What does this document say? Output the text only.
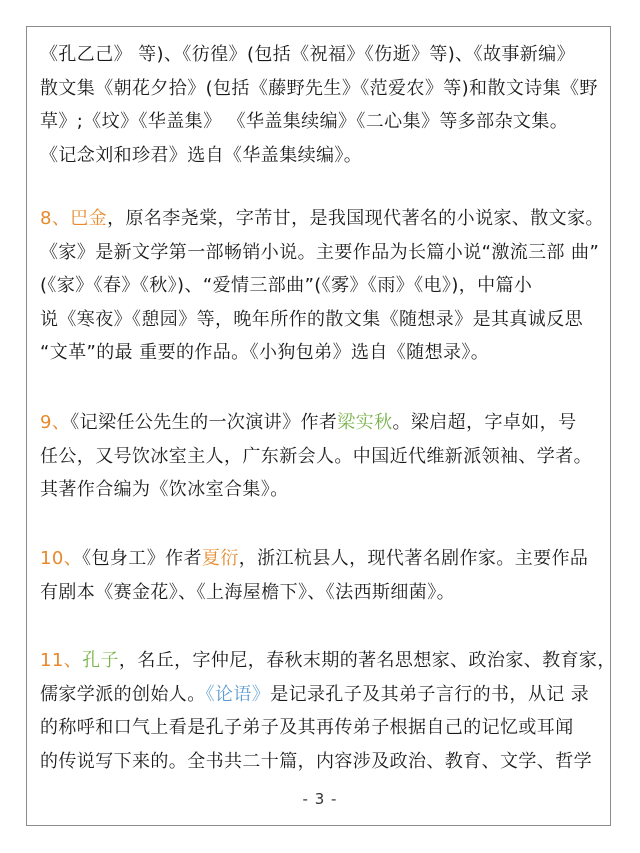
《孔乙己》 等)、《彷徨》(包括《祝福》《伤逝》等)、《故事新编》

散文集《朝花夕拾》(包括《藤野先生》《范爱农》等)和散文诗集《野

草》;《坟》《华盖集》 《华盖集续编》《二心集》等多部杂文集。

《记念刘和珍君》选自《华盖集续编》。

8、巴金，原名李尧棠，字芾甘，是我国现代著名的小说家、散文家。

《家》是新文学第一部畅销小说。主要作品为长篇小说“激流三部 曲”

(《家》《春》《秋》)、“爱情三部曲”(《雾》《雨》《电》)，中篇小

说《寒夜》《憩园》等，晚年所作的散文集《随想录》是其真诚反思

“文革”的最 重要的作品。《小狗包弟》选自《随想录》。

9、《记梁任公先生的一次演讲》作者梁实秋。梁启超，字卓如，号

任公，又号饮冰室主人，广东新会人。中国近代维新派领袖、学者。

其著作合编为《饮冰室合集》。

10、《包身工》作者夏衍，浙江杭县人，现代著名剧作家。主要作品

有剧本《赛金花》、《上海屋檐下》、《法西斯细菌》。

11、孔子，名丘，字仲尼，春秋末期的著名思想家、政治家、教育家，

儒家学派的创始人。《论语》是记录孔子及其弟子言行的书，从记 录

的称呼和口气上看是孔子弟子及其再传弟子根据自己的记忆或耳闻

的传说写下来的。全书共二十篇，内容涉及政治、教育、文学、哲学

- 3 -
